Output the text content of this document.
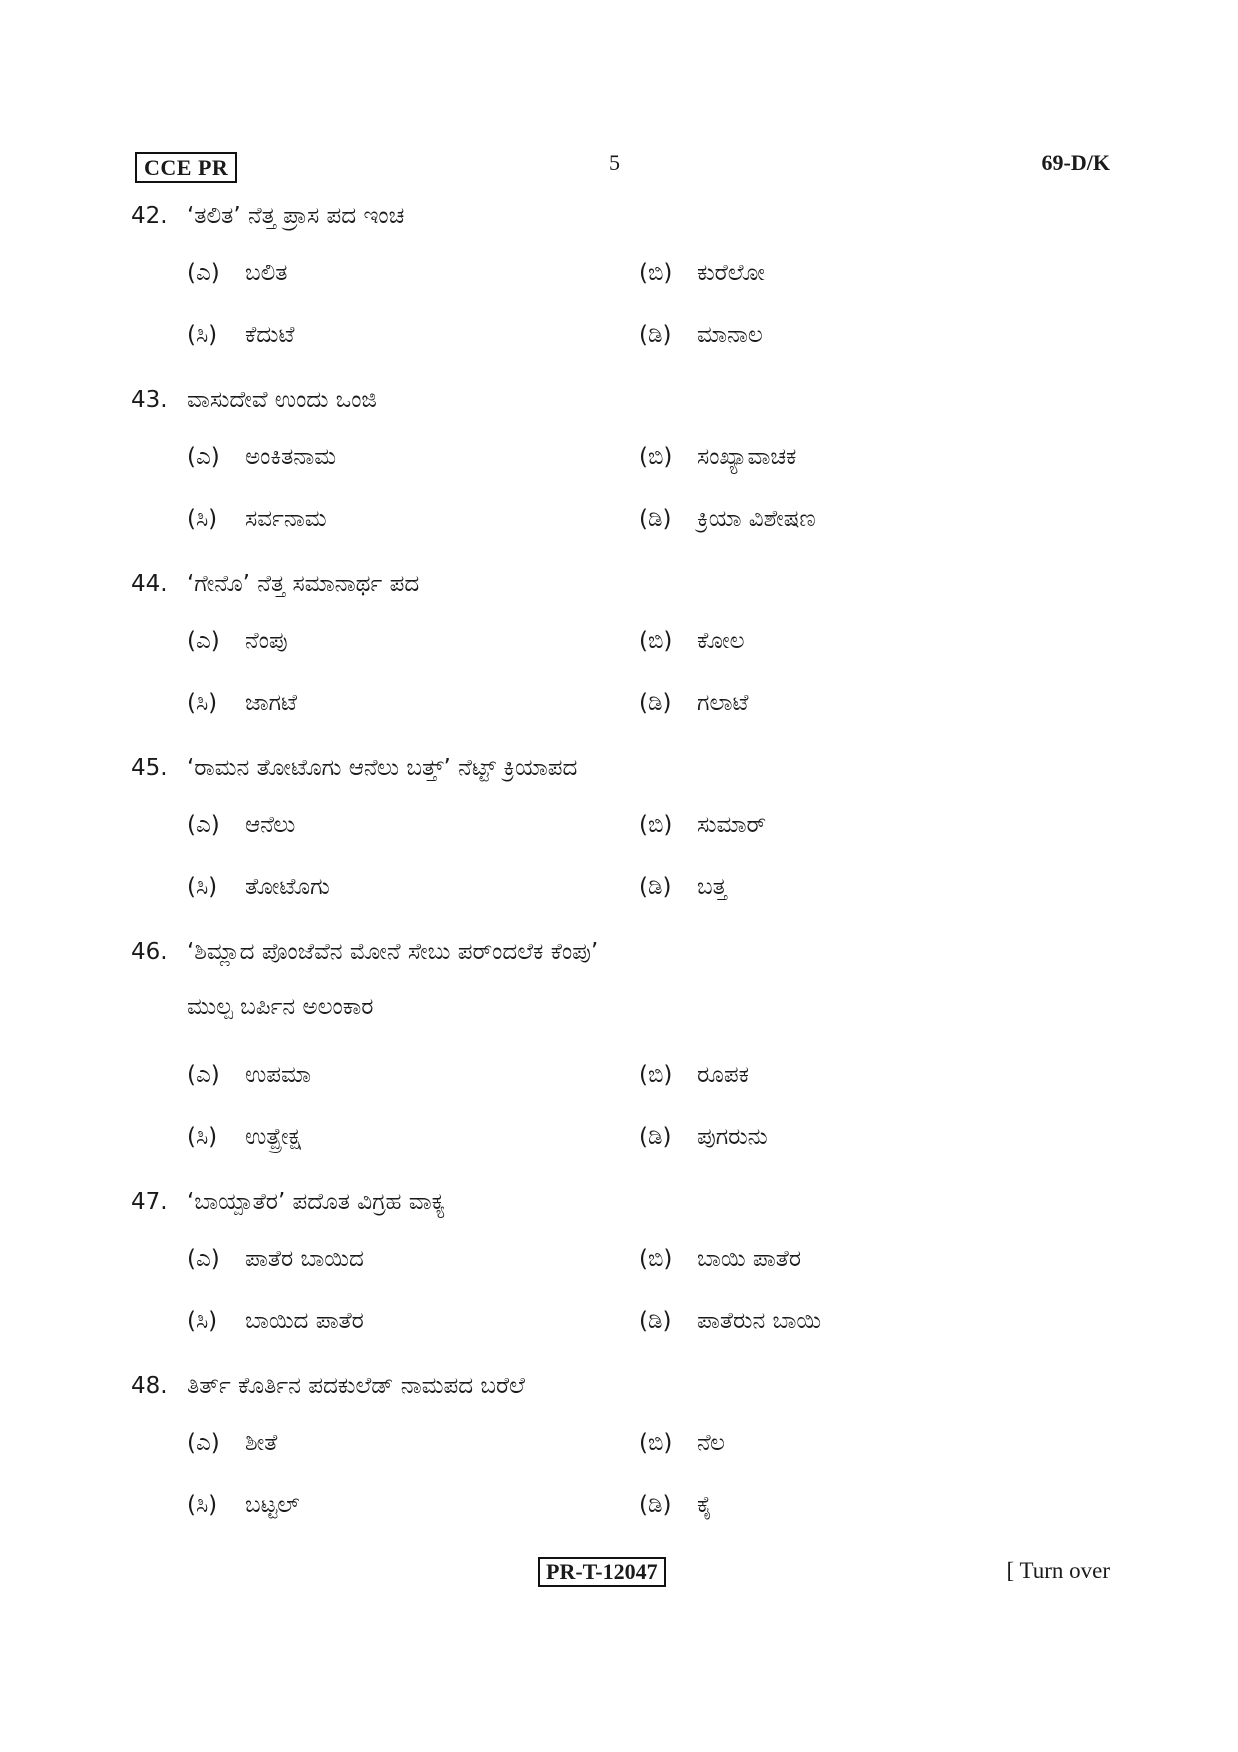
CCE PR	5	69-D/K
42. ‘ತಲಿತ’ ನೆತ್ತ ಪ್ರಾಸ ಪದ ಇಂಚ
(ಎ) ಬಲಿತ	(ಬಿ) ಕುರೆಲೋ
(ಸಿ) ಕೆದುಟೆ	(ಡಿ) ಮಾನಾಲ
43. ವಾಸುದೇವೆ ಉಂದು ಒಂಜಿ
(ಎ) ಅಂಕಿತನಾಮ	(ಬಿ) ಸಂಖ್ಯಾವಾಚಕ
(ಸಿ) ಸರ್ವನಾಮ	(ಡಿ) ಕ್ರಿಯಾ ವಿಶೇಷಣ
44. ‘ಗೇನೊ’ ನೆತ್ತ ಸಮಾನಾರ್ಥ ಪದ
(ಎ) ನೆಂಪು	(ಬಿ) ಕೋಲ
(ಸಿ) ಜಾಗಟೆ	(ಡಿ) ಗಲಾಟೆ
45. ‘ರಾಮನ ತೋಟೊಗು ಆನೆಲು ಬತ್ತ್’ ನೆಟ್ಟ್ ಕ್ರಿಯಾಪದ
(ಎ) ಆನೆಲು	(ಬಿ) ಸುಮಾರ್
(ಸಿ) ತೋಟೊಗು	(ಡಿ) ಬತ್ತ
46. ‘ಶಿಮ್ಲಾದ ಪೊಂಜೆವೆನ ಮೋನೆ ಸೇಬು ಪರ್ಂದಲೆಕ ಕೆಂಪು’
ಮುಲ್ಪ ಬರ್ಪಿನ ಅಲಂಕಾರ
(ಎ) ಉಪಮಾ	(ಬಿ) ರೂಪಕ
(ಸಿ) ಉತ್ಪ್ರೇಕ್ಷ	(ಡಿ) ಪುಗರುನು
47. ‘ಬಾಯ್ಪಾತೆರ’ ಪದೊತ ವಿಗ್ರಹ ವಾಕ್ಯ
(ಎ) ಪಾತೆರ ಬಾಯಿದ	(ಬಿ) ಬಾಯಿ ಪಾತೆರ
(ಸಿ) ಬಾಯಿದ ಪಾತೆರ	(ಡಿ) ಪಾತೆರುನ ಬಾಯಿ
48. ತಿರ್ತ್ ಕೊರ್ತಿನ ಪದಕುಲೆಡ್ ನಾಮಪದ ಬರೆಲೆ
(ಎ) ಶೀತೆ	(ಬಿ) ನೆಲ
(ಸಿ) ಬಟ್ಟಲ್	(ಡಿ) ಕೈ
PR-T-12047	[ Turn over
